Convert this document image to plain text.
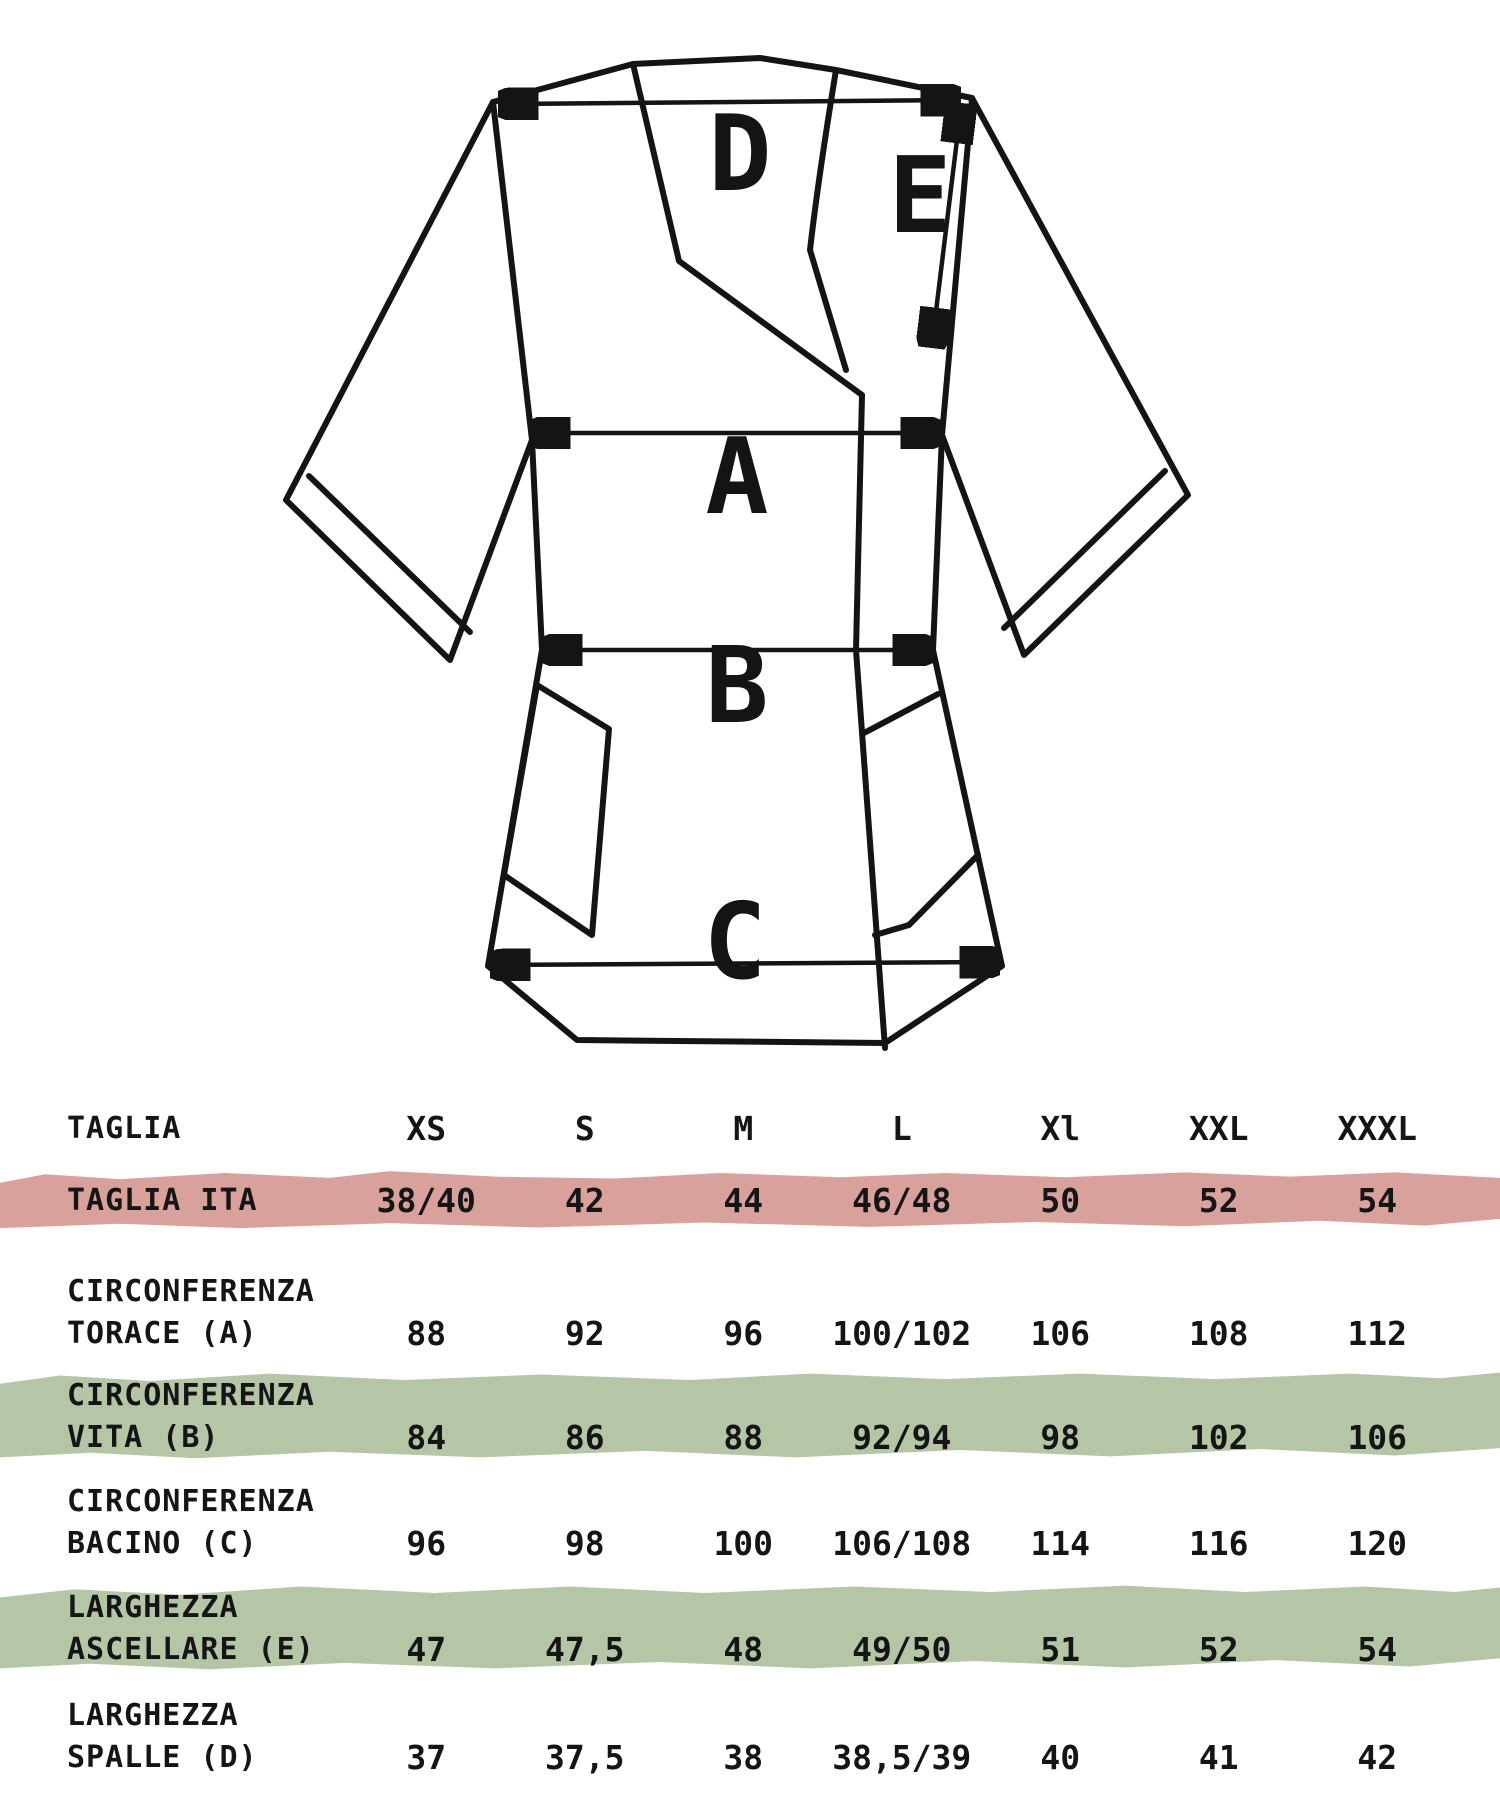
D E
A
B
C
TAGLIA	XS	S	M	L	Xl	XXL	XXXL
TAGLIA ITA	38/40	42	44	46/48	50	52	54
CIRCONFERENZA
TORACE (A)	88	92	96	100/102	106	108	112
CIRCONFERENZA
VITA (B)	84	86	88	92/94	98	102	106
CIRCONFERENZA
BACINO (C)	96	98	100	106/108	114	116	120
LARGHEZZA
ASCELLARE (E)	47	47,5	48	49/50	51	52	54
LARGHEZZA
SPALLE (D)	37	37,5	38	38,5/39	40	41	42
